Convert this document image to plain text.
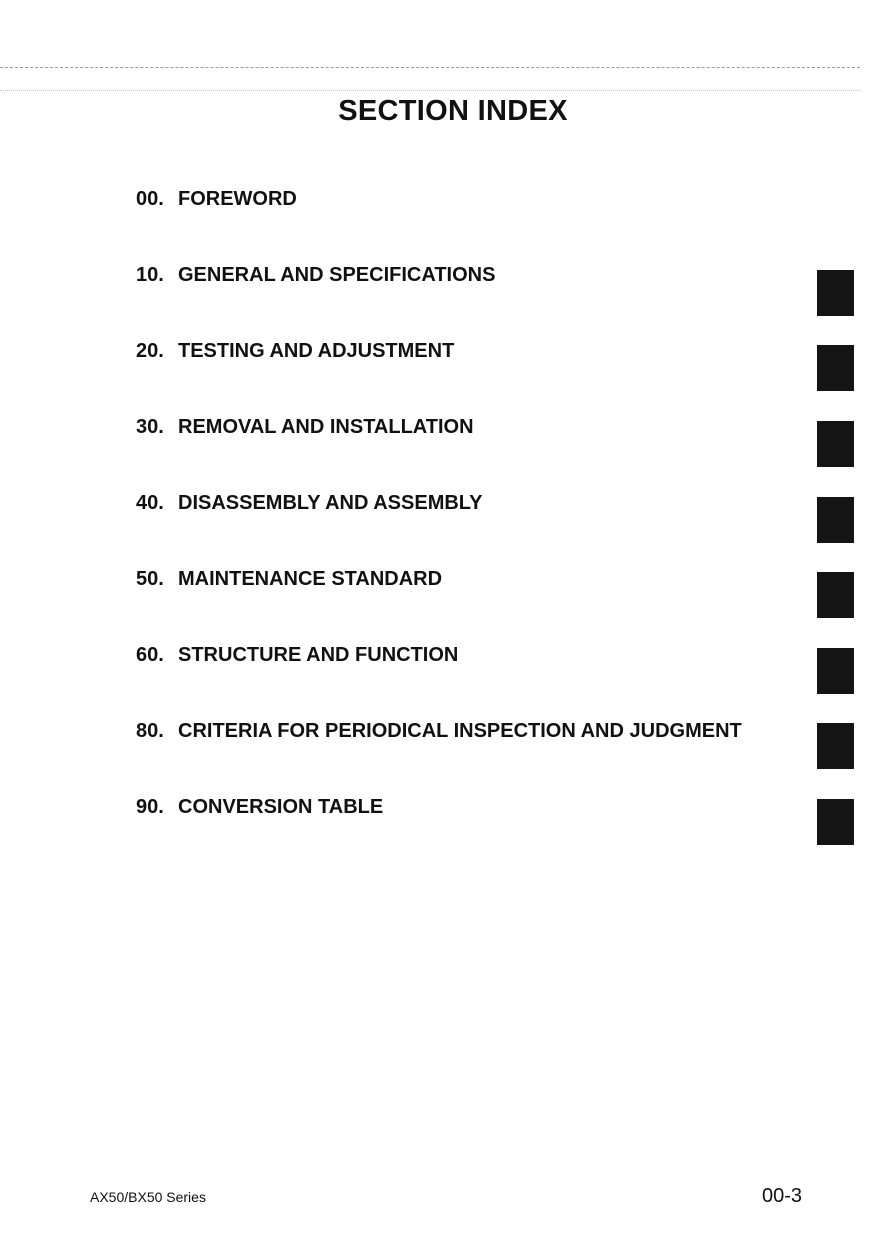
SECTION INDEX
00. FOREWORD
10. GENERAL AND SPECIFICATIONS
20. TESTING AND ADJUSTMENT
30. REMOVAL AND INSTALLATION
40. DISASSEMBLY AND ASSEMBLY
50. MAINTENANCE STANDARD
60. STRUCTURE AND FUNCTION
80. CRITERIA FOR PERIODICAL INSPECTION AND JUDGMENT
90. CONVERSION TABLE
AX50/BX50 Series	00-3
